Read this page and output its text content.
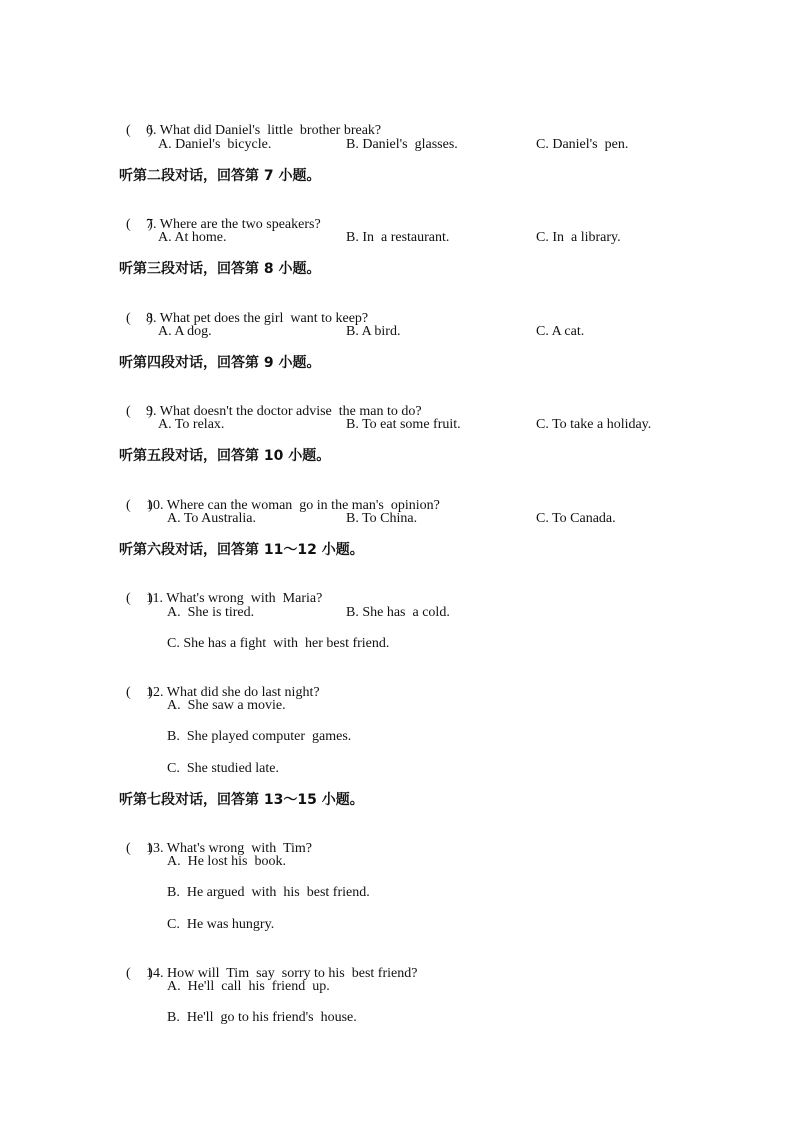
(     )6. What did Daniel's  little  brother break?

A. Daniel's  bicycle.	B. Daniel's  glasses.	C. Daniel's  pen.
听第二段对话，回答第 7 小题。

(     )7. Where are the two speakers?

A. At home.	B. In  a restaurant.	C. In  a library.
听第三段对话，回答第 8 小题。

(     )8. What pet does the girl  want to keep?

A. A dog.	B. A bird.	C. A cat.
听第四段对话，回答第 9 小题。

(     )9. What doesn't the doctor advise  the man to do?

A. To relax.	B. To eat some fruit.	C. To take a holiday.
听第五段对话，回答第 10 小题。

(     )10. Where can the woman  go in the man's  opinion?

A. To Australia.	B. To China.	C. To Canada.
听第六段对话，回答第 11～12 小题。

(     )11. What's wrong  with  Maria?

A.  She is tired.	B. She has  a cold.
C. She has a fight  with  her best friend.

(     )12. What did she do last night?

A.  She saw a movie.
B.  She played computer  games.
C.  She studied late.
听第七段对话，回答第 13～15 小题。

(     )13. What's wrong  with  Tim?

A.  He lost his  book.
B.  He argued  with  his  best friend.
C.  He was hungry.

(     )14. How will  Tim  say  sorry to his  best friend?

A.  He'll  call  his  friend  up.
B.  He'll  go to his friend's  house.
